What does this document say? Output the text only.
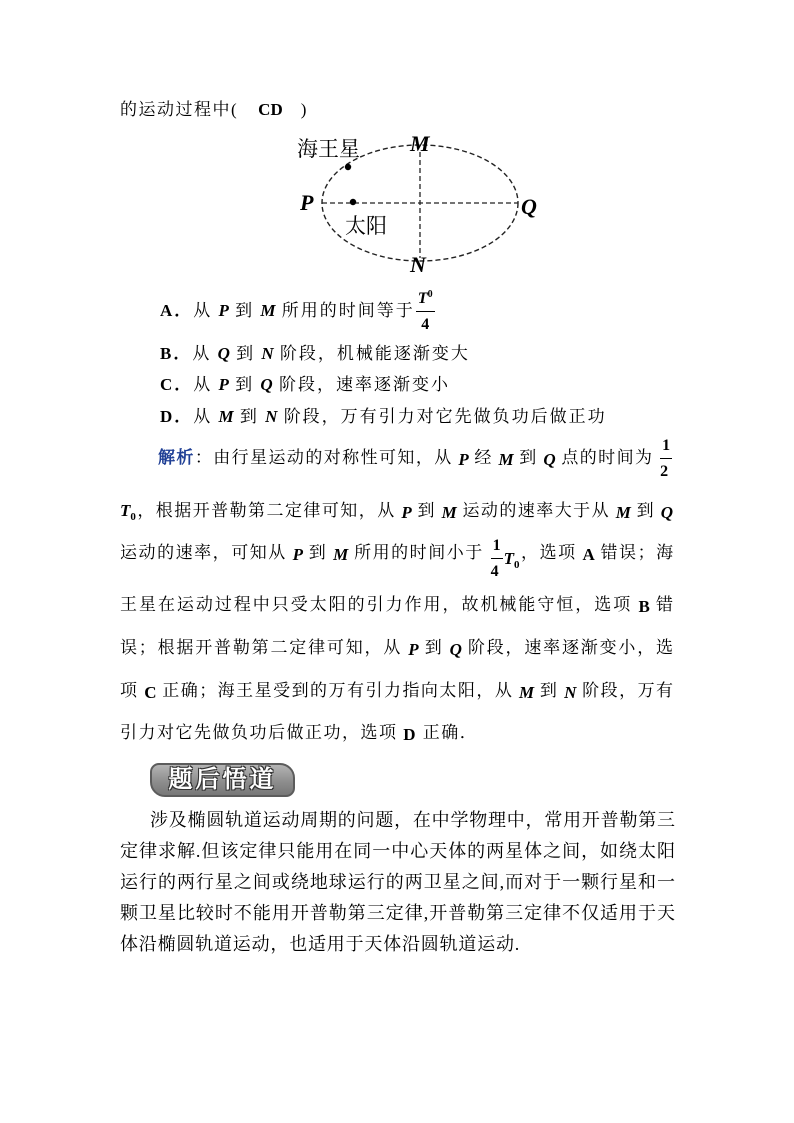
的运动过程中( CD )
海王星
太阳
M
N
P	Q
A．从 P 到 M 所用的时间等于 $\frac{T^0}{4}$
B．从 Q 到 N 阶段，机械能逐渐变大
C．从 P 到 Q 阶段，速率逐渐变小
D．从 M 到 N 阶段，万有引力对它先做负功后做正功
解析：由行星运动的对称性可知，从 P 经 M 到 Q 点的时间为 $\frac{1}{2}$
$T_0$，根据开普勒第二定律可知，从 P 到 M 运动的速率大于从 M 到 Q
运动的速率，可知从 P 到 M 所用的时间小于 $\frac{1}{4} T_0$，选项 A 错误；海
王星在运动过程中只受太阳的引力作用，故机械能守恒，选项 B 错
误；根据开普勒第二定律可知，从 P 到 Q 阶段，速率逐渐变小，选
项 C 正确；海王星受到的万有引力指向太阳，从 M 到 N 阶段，万有
引力对它先做负功后做正功，选项 D 正确．
题后悟道
涉及椭圆轨道运动周期的问题，在中学物理中，常用开普勒第三
定律求解.但该定律只能用在同一中心天体的两星体之间，如绕太阳
运行的两行星之间或绕地球运行的两卫星之间,而对于一颗行星和一
颗卫星比较时不能用开普勒第三定律,开普勒第三定律不仅适用于天
体沿椭圆轨道运动，也适用于天体沿圆轨道运动.
